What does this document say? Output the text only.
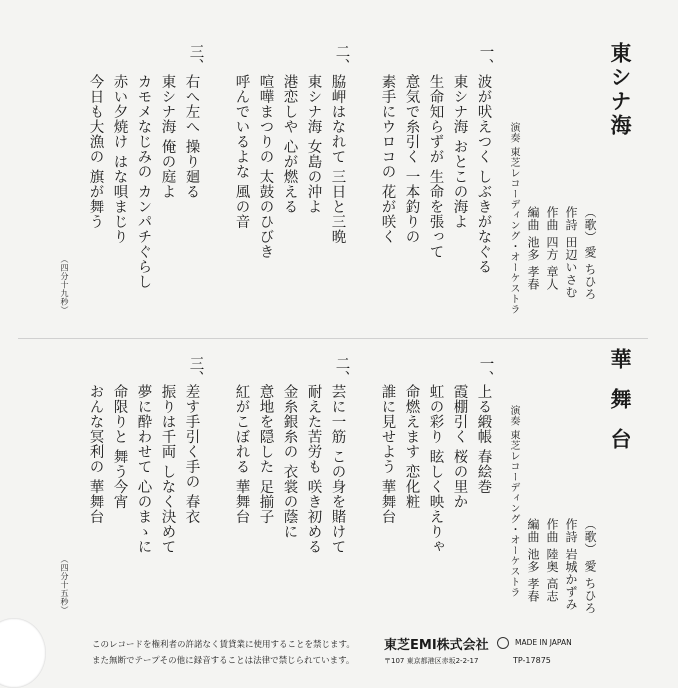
東シナ海
（歌）
愛 ちひろ
作詩
田辺いさむ
作曲
四方 章人
編曲
池多 孝春
演奏 東芝レコーディング・オーケストラ
一、
波が吠えつく しぶきがなぐる
東シナ海 おとこの海よ
生命知らずが 生命を張って
意気で糸引く 一本釣りの
素手にウロコの 花が咲く
二、
脇岬はなれて 三日と三晩
東シナ海 女島の沖よ
港恋しや 心が燃える
喧嘩まつりの 太鼓のひびき
呼んでいるよな 風の音
三、
右へ左へ 操り廻る
東シナ海 俺の庭よ
カモメなじみの カンパチぐらし
赤い夕焼け はな唄まじり
今日も大漁の 旗が舞う
（四分十九秒）
華舞台
（歌）
愛 ちひろ
作詩
岩城かずみ
作曲
陸奥 高志
編曲
池多 孝春
演奏 東芝レコーディング・オーケストラ
一、
上る緞帳 春絵巻
霞棚引く 桜の里か
虹の彩り 眩しく映えりゃ
命燃えます 恋化粧
誰に見せよう 華舞台
二、
芸に一筋 この身を賭けて
耐えた苦労も 咲き初める
金糸銀糸の 衣裳の蔭に
意地を隠した 足揃子
紅がこぼれる 華舞台
三、
差す手引く手の 春衣
振りは千両 しなく決めて
夢に酔わせて 心のまゝに
命限りと 舞う今宵
おんな冥利の 華舞台
（四分十五秒）
このレコードを権利者の許諾なく賃貸業に使用することを禁じます。
また無断でテープその他に録音することは法律で禁じられています。
東芝EMI株式会社
〒107 東京都港区赤坂2-2-17
MADE IN JAPAN
TP-17875
